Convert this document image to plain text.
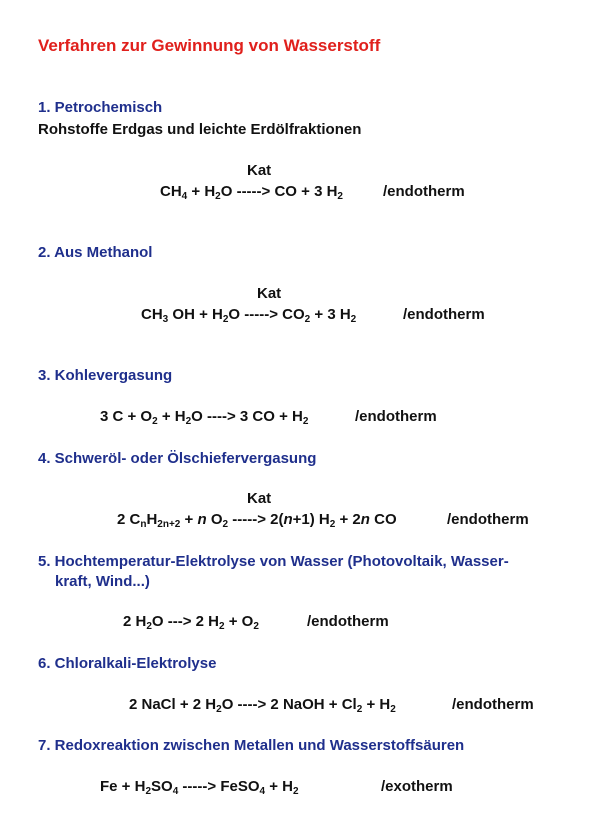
Verfahren zur Gewinnung von Wasserstoff
1. Petrochemisch
Rohstoffe Erdgas und leichte Erdölfraktionen
Kat
$CH_4 + H_2O$ -----> CO + 3 $H_2$	/endotherm
2. Aus Methanol
Kat
$CH_3$ OH + $H_2O$ -----> $CO_2 + 3$ $H_2$	/endotherm
3. Kohlevergasung
3 $C + O_2 + H_2O$ ----> 3 CO + $H_2$	/endotherm
4. Schweröl- oder Ölschiefervergasung
Kat
2 $C_nH_{2n+2} + n$ $O_2$ -----> 2(n+1) $H_2 + 2n$ CO	/endotherm
5. Hochtemperatur-Elektrolyse von Wasser (Photovoltaik, Wasser-
kraft, Wind...)
2 $H_2O$ ---> 2 $H_2 + O_2$	/endotherm
6. Chloralkali-Elektrolyse
2 NaCl + 2 $H_2O$ ----> 2 NaOH + $Cl_2 + H_2$	/endotherm
7. Redoxreaktion zwischen Metallen und Wasserstoffsäuren
$Fe + H_2SO_4$ -----> FeSO$_4$ + $H_2$	/exotherm
